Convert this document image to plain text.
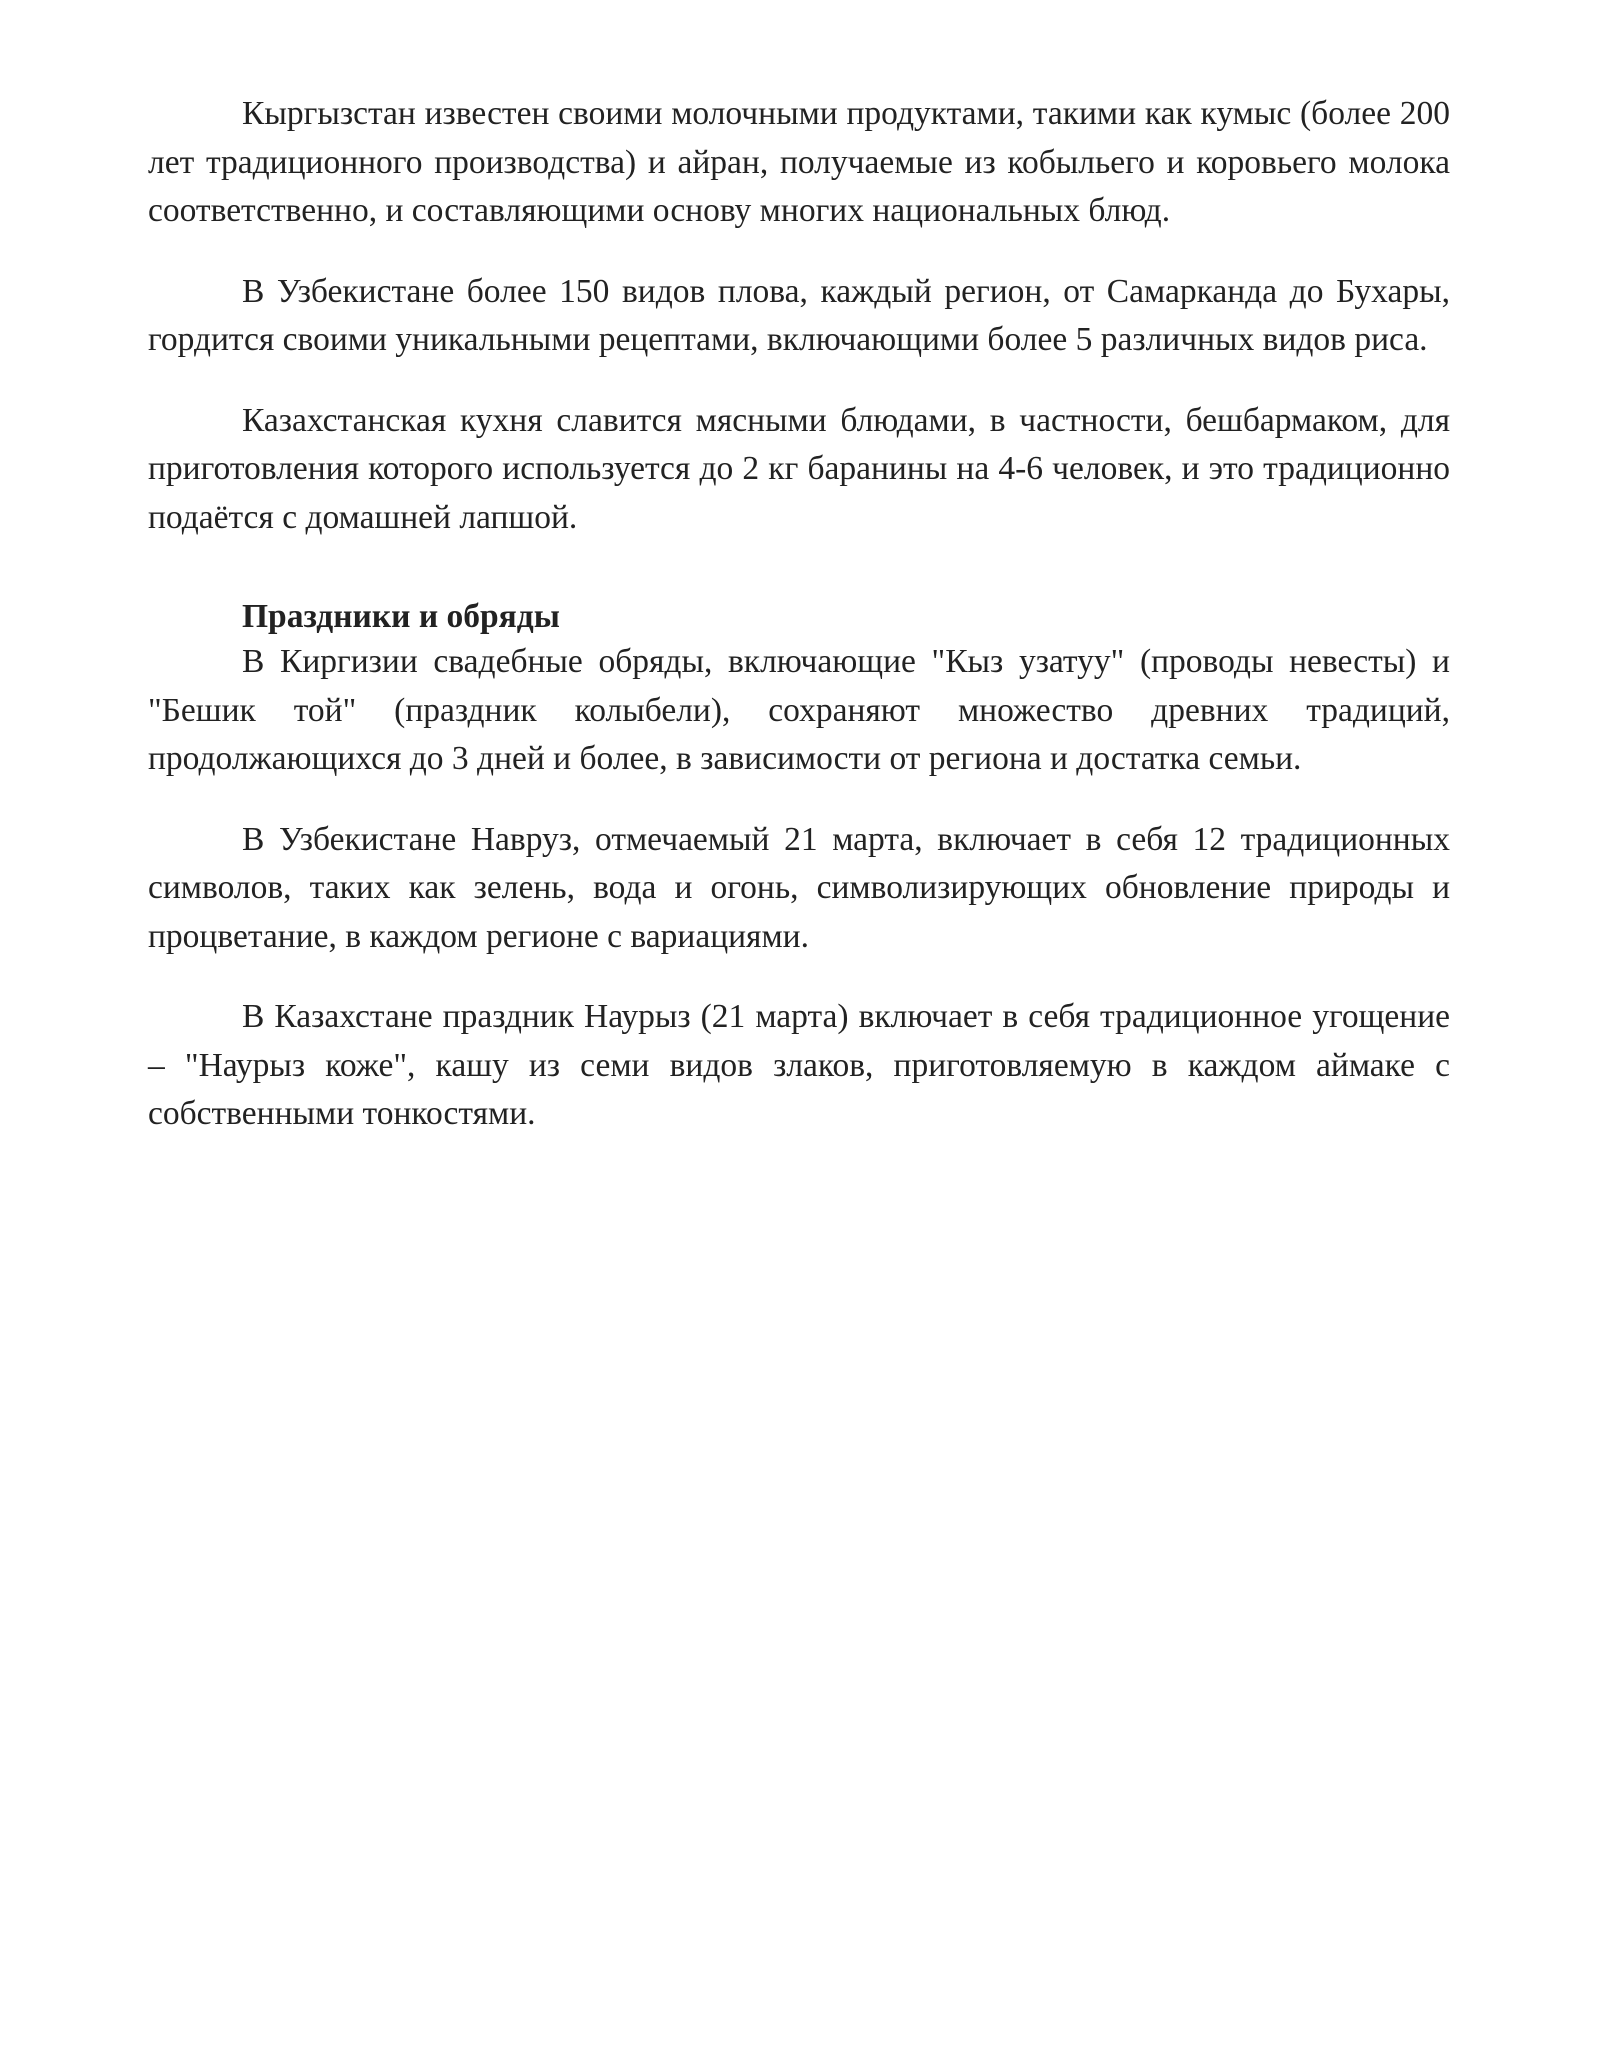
Кыргызстан известен своими молочными продуктами, такими как кумыс (более 200 лет традиционного производства) и айран, получаемые из кобыльего и коровьего молока соответственно, и составляющими основу многих национальных блюд.

В Узбекистане более 150 видов плова, каждый регион, от Самарканда до Бухары, гордится своими уникальными рецептами, включающими более 5 различных видов риса.

Казахстанская кухня славится мясными блюдами, в частности, бешбармаком, для приготовления которого используется до 2 кг баранины на 4-6 человек, и это традиционно подаётся с домашней лапшой.

Праздники и обряды

В Киргизии свадебные обряды, включающие "Кыз узатуу" (проводы невесты) и "Бешик той" (праздник колыбели), сохраняют множество древних традиций, продолжающихся до 3 дней и более, в зависимости от региона и достатка семьи.

В Узбекистане Навруз, отмечаемый 21 марта, включает в себя 12 традиционных символов, таких как зелень, вода и огонь, символизирующих обновление природы и процветание, в каждом регионе с вариациями.

В Казахстане праздник Наурыз (21 марта) включает в себя традиционное угощение – "Наурыз коже", кашу из семи видов злаков, приготовляемую в каждом аймаке с собственными тонкостями.
